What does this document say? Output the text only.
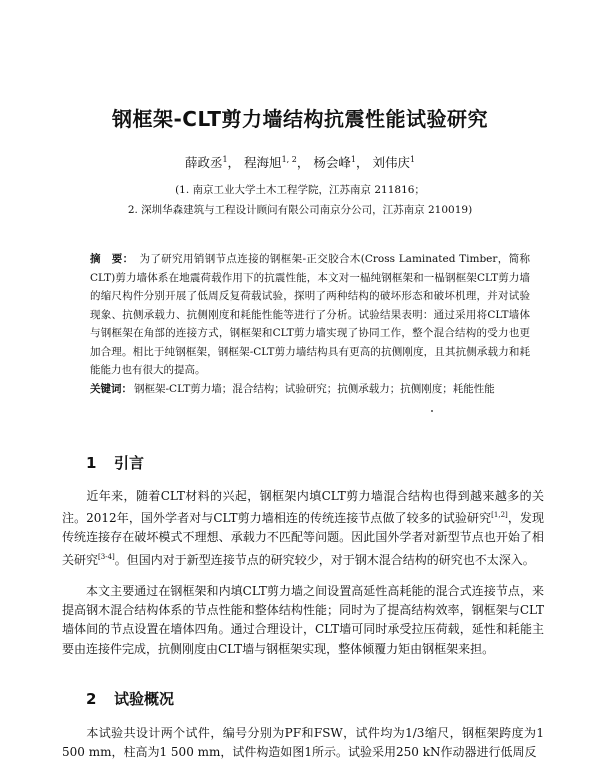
钢框架-CLT剪力墙结构抗震性能试验研究
薛政丞$^1$， 程海旭$^{1, 2}$， 杨会峰$^1$， 刘伟庆$^1$
(1. 南京工业大学土木工程学院，江苏南京 211816；
2. 深圳华森建筑与工程设计顾问有限公司南京分公司，江苏南京 210019)
摘　要： 为了研究用销钢节点连接的钢框架-正交胶合木(Cross Laminated Timber，简称CLT)剪力墙体系在地震荷载作用下的抗震性能，本文对一榀纯钢框架和一榀钢框架CLT剪力墙的缩尺构件分别开展了低周反复荷载试验，探明了两种结构的破坏形态和破坏机理，并对试验现象、抗侧承载力、抗侧刚度和耗能性能等进行了分析。试验结果表明：通过采用将CLT墙体与钢框架在角部的连接方式，钢框架和CLT剪力墙实现了协同工作，整个混合结构的受力也更加合理。相比于纯钢框架，钢框架-CLT剪力墙结构具有更高的抗侧刚度，且其抗侧承载力和耗能能力也有很大的提高。
关键词： 钢框架-CLT剪力墙；混合结构；试验研究；抗侧承载力；抗侧刚度；耗能性能
1 引言
近年来，随着CLT材料的兴起，钢框架内填CLT剪力墙混合结构也得到越来越多的关注。2012年，国外学者对与CLT剪力墙相连的传统连接节点做了较多的试验研究[1,2]，发现传统连接存在破坏模式不理想、承载力不匹配等问题。因此国外学者对新型节点也开始了相关研究[3-4]。但国内对于新型连接节点的研究较少，对于钢木混合结构的研究也不太深入。
本文主要通过在钢框架和内填CLT剪力墙之间设置高延性高耗能的混合式连接节点，来提高钢木混合结构体系的节点性能和整体结构性能；同时为了提高结构效率，钢框架与CLT墙体间的节点设置在墙体四角。通过合理设计，CLT墙可同时承受拉压荷载，延性和耗能主要由连接件完成，抗侧刚度由CLT墙与钢框架实现，整体倾覆力矩由钢框架来担。
2 试验概况
本试验共设计两个试件，编号分别为PF和FSW，试件均为1/3缩尺，钢框架跨度为1 500 mm，柱高为1 500 mm，试件构造如图1所示。试验采用250 kN作动器进行低周反
